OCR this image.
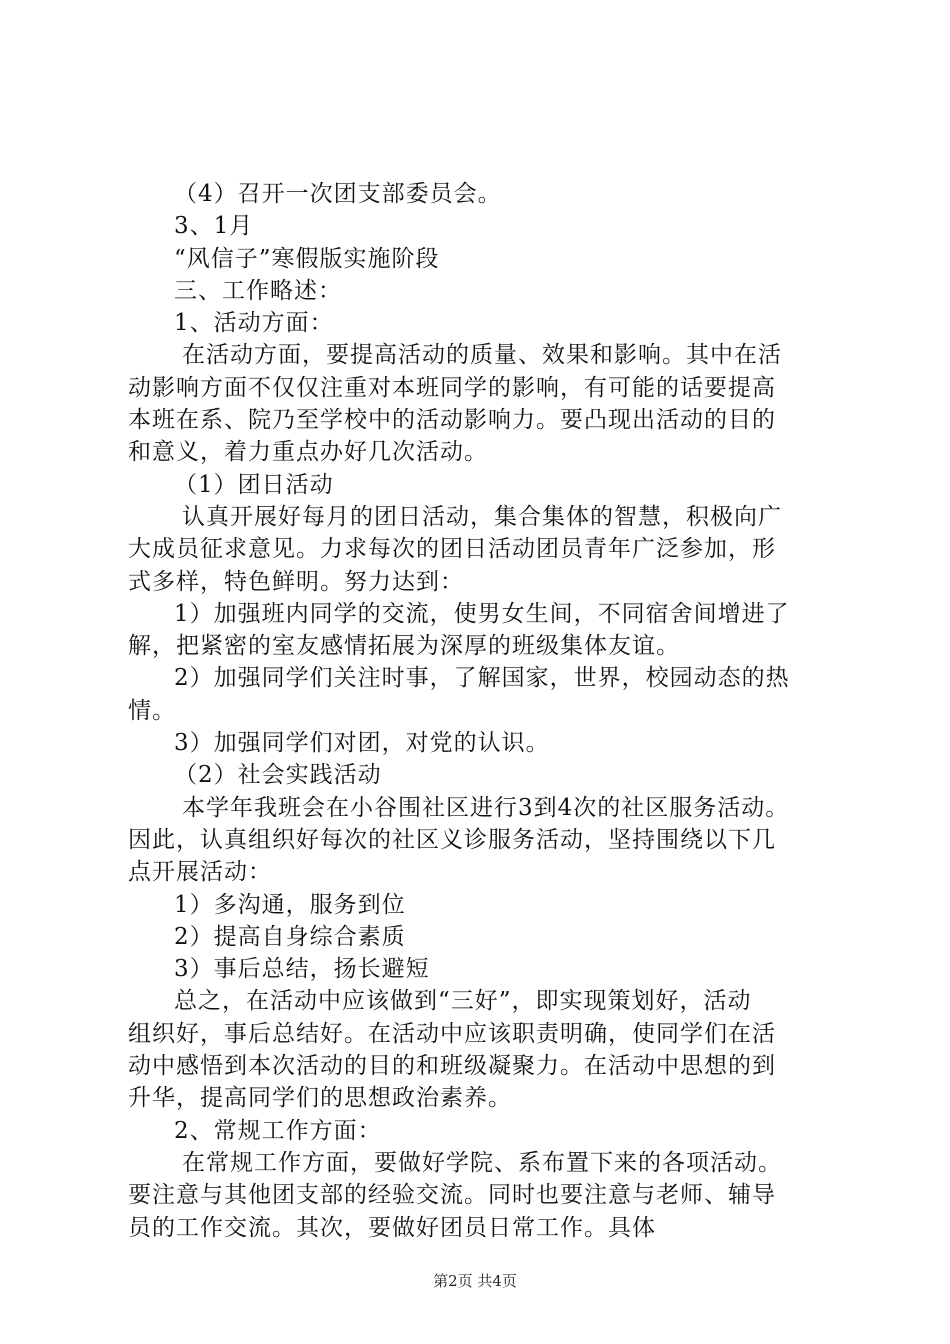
（4）召开一次团支部委员会。

3、1月

“风信子”寒假版实施阶段

三、工作略述：

1、活动方面：

在活动方面，要提高活动的质量、效果和影响。其中在活

动影响方面不仅仅注重对本班同学的影响，有可能的话要提高

本班在系、院乃至学校中的活动影响力。要凸现出活动的目的

和意义，着力重点办好几次活动。

（1）团日活动

认真开展好每月的团日活动，集合集体的智慧，积极向广

大成员征求意见。力求每次的团日活动团员青年广泛参加，形

式多样，特色鲜明。努力达到：

1）加强班内同学的交流，使男女生间，不同宿舍间增进了

解，把紧密的室友感情拓展为深厚的班级集体友谊。

2）加强同学们关注时事，了解国家，世界，校园动态的热

情。

3）加强同学们对团，对党的认识。

（2）社会实践活动

本学年我班会在小谷围社区进行3到4次的社区服务活动。

因此，认真组织好每次的社区义诊服务活动，坚持围绕以下几

点开展活动：

1）多沟通，服务到位

2）提高自身综合素质

3）事后总结，扬长避短

总之，在活动中应该做到“三好”，即实现策划好，活动

组织好，事后总结好。在活动中应该职责明确，使同学们在活

动中感悟到本次活动的目的和班级凝聚力。在活动中思想的到

升华，提高同学们的思想政治素养。

2、常规工作方面：

在常规工作方面，要做好学院、系布置下来的各项活动。

要注意与其他团支部的经验交流。同时也要注意与老师、辅导

员的工作交流。其次，要做好团员日常工作。具体

第2页 共4页
